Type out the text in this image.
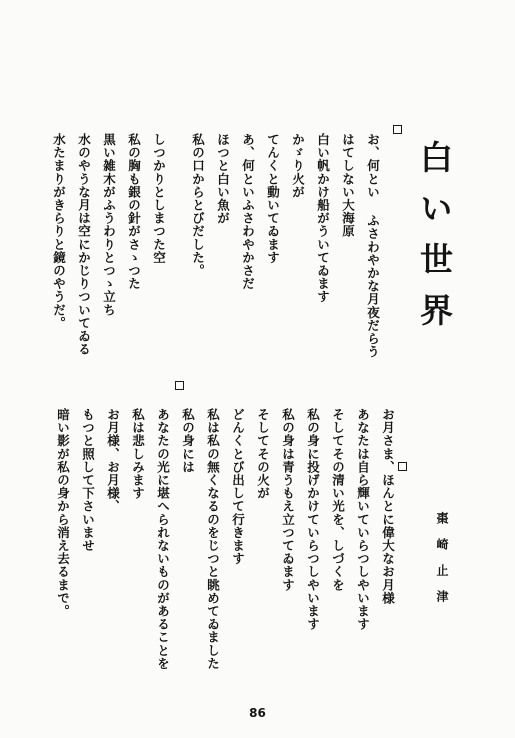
白い世界
棗崎止津
お、何とい ふさわやかな月夜だらう
はてしない大海原
白い帆かけ船がういてゐます
かゞり火が
てんくと動いてゐます
あ、何といふさわやかさだ
ほつと白い魚が
私の口からとびだした。
しつかりとしまつた空
私の胸も銀の針がさゝつた
黒い雑木がふうわりとつゝ立ち
水のやうな月は空にかじりついてゐる
水たまりがきらりと鏡のやうだ。
お月さま、ほんとに偉大なお月様
あなたは自ら輝いていらつしやいます
そしてその清い光を、しづくを
私の身に投げかけていらつしやいます
私の身は青うもえ立つてゐます
そしてその火が
どんくとび出して行きます
私は私の無くなるのをじつと眺めてゐました
私の身には
あなたの光に堪へられないものがあることを
私は悲しみます
お月様、お月様、
もつと照して下さいませ
暗い影が私の身から消え去るまで。
86
